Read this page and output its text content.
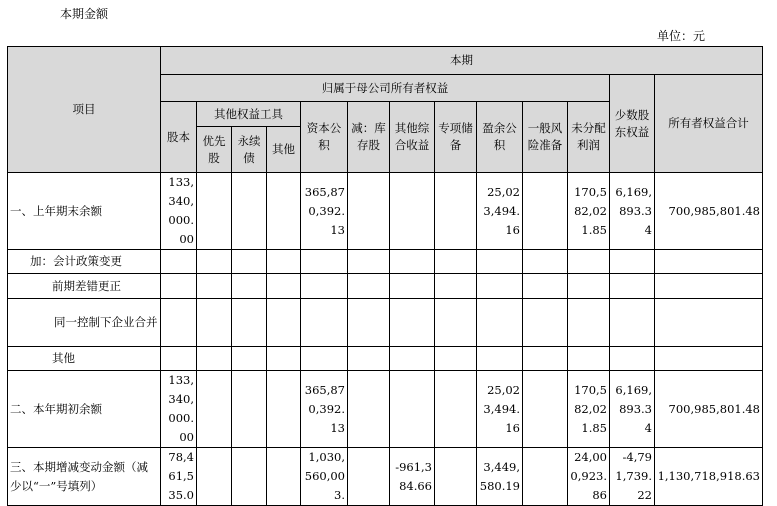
本期金额
单位：元
项目	本期												
	归属于母公司所有者权益											少数股东权益	所有者权益合计
	股本	其他权益工具			资本公积	减：库存股	其他综合收益	专项储备	盈余公积	一般风险准备	未分配利润		
		优先股	永续债	其他									
一、上年期末余额	133,340,000.00				365,870,392.13				25,023,494.16		170,582,021.85	6,169,893.34	700,985,801.48
加：会计政策变更													
前期差错更正													
同一控制下企业合并													
其他													
二、本年期初余额	133,340,000.00				365,870,392.13				25,023,494.16		170,582,021.85	6,169,893.34	700,985,801.48
三、本期增减变动金额（减少以“一”号填列）	78,461,535.0				1,030,560,003.		-961,384.66		3,449,580.19		24,000,923.86	-4,791,739.22	1,130,718,918.63
